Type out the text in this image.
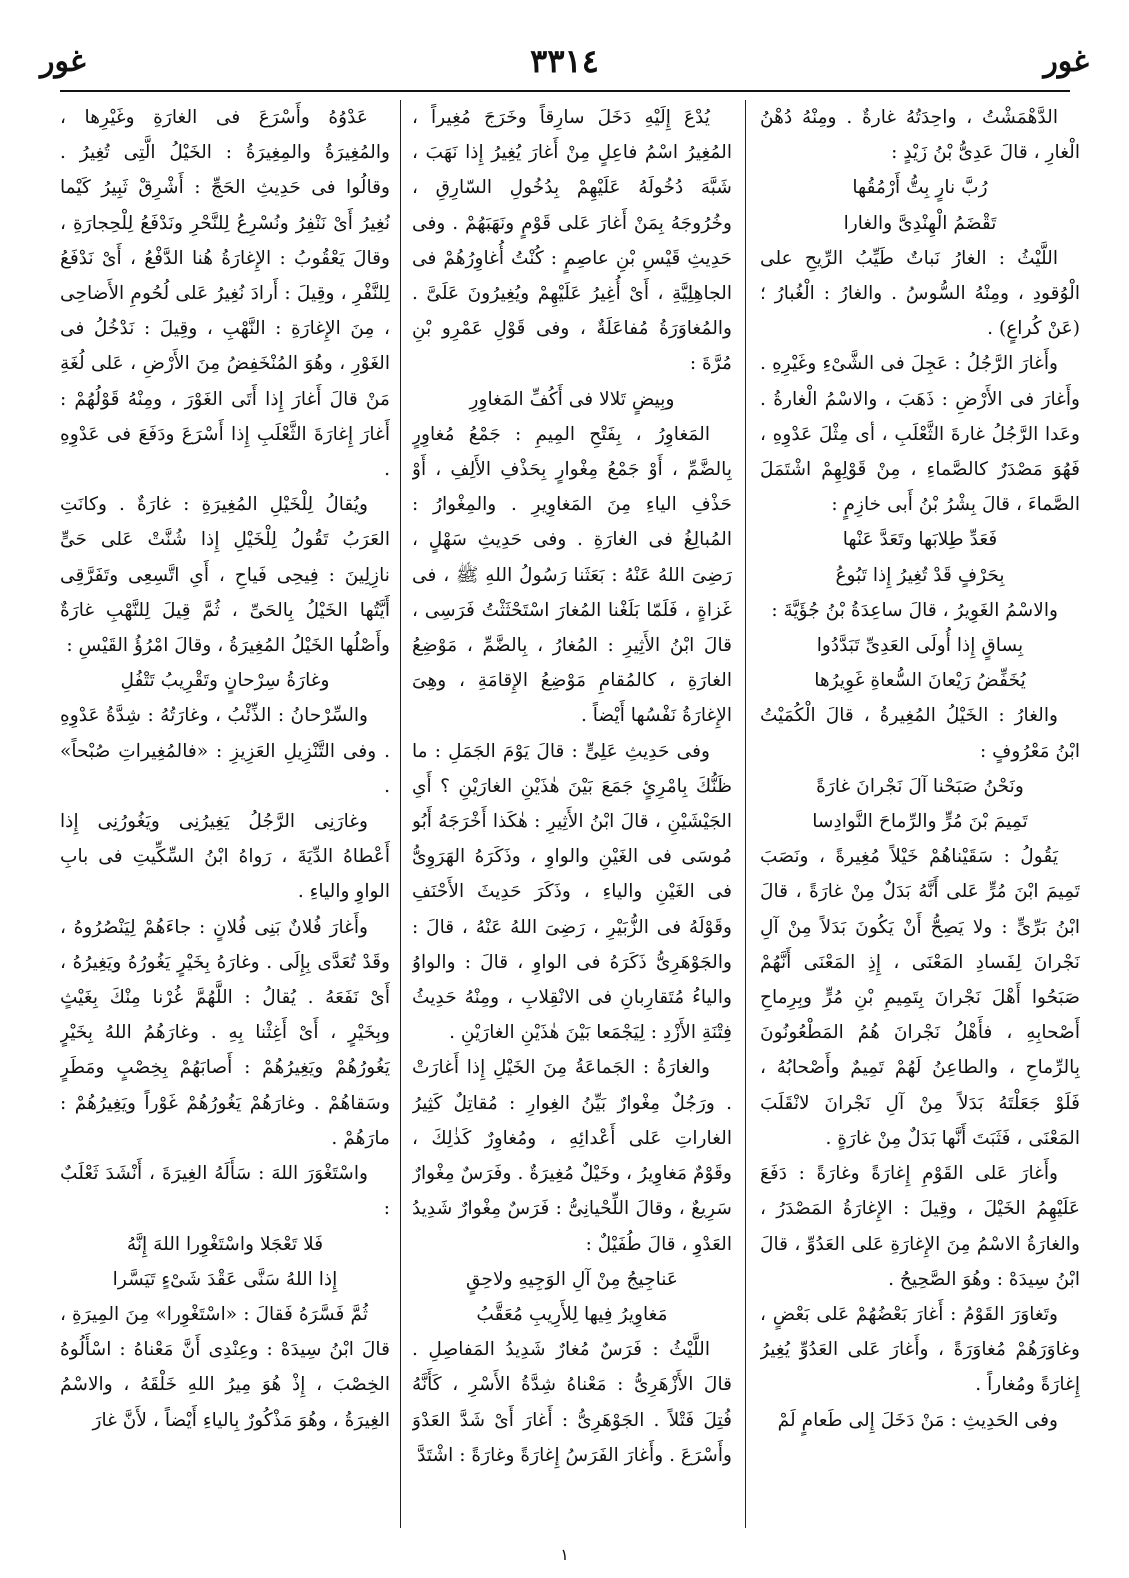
غور
٣٣١٤
غور

الدَّهْمَشْتُ ، واحِدَتُهُ غارةٌ . ومِنْهُ دُهْنُ الْغارِ ، قالَ عَدِىُّ بْنُ زَيْدٍ :

رُبَّ نارٍ بِتُّ أَرْمُقُها

تَقْضَمُ الْهِنْدِىَّ والغارا

اللَّيْثُ : الغارُ نَباتٌ طَيِّبُ الرِّيحِ على الْوُقودِ ، ومِنْهُ السُّوسُ . والغارُ : الْغُبارُ ؛ (عَنْ كُراعٍ) .

وأَغارَ الرَّجُلُ : عَجِلَ فى الشَّىْءِ وغَيْرِهِ . وأَغارَ فى الأَرْضِ : ذَهَبَ ، والاسْمُ الْغارةُ . وعَدا الرَّجُلُ غارةَ الثَّعْلَبِ ، أى مِثْلَ عَدْوِهِ ، فَهُوَ مَصْدَرٌ كالصَّماءِ ، مِنْ قَوْلِهِمْ اشْتَمَلَ الصَّماءَ ، قالَ بِشْرُ بْنُ أَبى خازِمٍ :

فَعَدِّ طِلابَها وتَعَدَّ عَنْها

بِحَرْفٍ قَدْ تُغِيرُ إِذا تَبُوعُ

والاسْمُ الغَوِيرُ ، قالَ ساعِدَةُ بْنُ جُؤَيَّةَ :

بِساقٍ إِذا أُولَى العَدِىِّ تَبَدَّدُوا

يُخَفِّضُ رَيْعانَ السُّعاةِ غَوِيرُها

والغارُ : الخَيْلُ المُغِيرةُ ، قالَ الْكُمَيْتُ ابْنُ مَعْرُوفٍ :

ونَحْنُ صَبَحْنا آلَ نَجْرانَ غارَةً

تَمِيمَ بْنَ مُرٍّ والرِّماحَ النَّوادِسا

يَقُولُ : سَقَيْناهُمْ خَيْلاً مُغِيرةً ، ونَصَبَ تَمِيمَ ابْنَ مُرٍّ عَلى أَنَّهُ بَدَلٌ مِنْ غارَةً ، قالَ ابْنُ بَرِّىٍّ : ولا يَصِحُّ أَنْ يَكُونَ بَدَلاً مِنْ آلِ نَجْرانَ لِفَسادِ المَعْنَى ، إِذِ المَعْنَى أَنَّهُمْ صَبَحُوا أَهْلَ نَجْرانَ بِتَمِيمِ بْنِ مُرٍّ وبِرِماحِ أَصْحابِهِ ، فأَهْلُ نَجْرانَ هُمُ المَطْعُونُونَ بِالرِّماحِ ، والطاعِنُ لَهُمْ تَمِيمٌ وأَصْحابُهُ ، فَلَوْ جَعَلْتَهُ بَدَلاً مِنْ آلِ نَجْرانَ لانْقَلَبَ المَعْنَى ، فَثَبَتَ أَنَّها بَدَلٌ مِنْ غارَةٍ .

وأَغارَ عَلى القَوْمِ إِغارَةً وغارَةً : دَفَعَ عَلَيْهِمُ الخَيْلَ ، وقِيلَ : الإِغارَةُ المَصْدَرُ ، والغارَةُ الاسْمُ مِنَ الإِغارَةِ عَلى العَدُوِّ ، قالَ ابْنُ سِيدَهْ : وهُوَ الصَّحِيحُ .

وتَغاوَرَ القَوْمُ : أَغارَ بَعْضُهُمْ عَلى بَعْضٍ ، وغاوَرَهُمْ مُغاوَرَةً ، وأَغارَ عَلى العَدُوِّ يُغِيرُ إِغارَةً ومُغاراً .

وفى الحَدِيثِ : مَنْ دَخَلَ إِلى طَعامٍ لَمْ

يُدْعَ إِلَيْهِ دَخَلَ سارِقاً وخَرَجَ مُغِيراً ، المُغِيرُ اسْمُ فاعِلٍ مِنْ أَغارَ يُغِيرُ إِذا نَهَبَ ، شَبَّهَ دُخُولَهُ عَلَيْهِمْ بِدُخُولِ السّارِقِ ، وخُرُوجَهُ بِمَنْ أَغارَ عَلى قَوْمٍ ونَهَبَهُمْ . وفى حَدِيثِ قَيْسِ بْنِ عاصِمٍ : كُنْتُ أُغاوِرُهُمْ فى الجاهِلِيَّةِ ، أَىْ أُغِيرُ عَلَيْهِمْ ويُغِيرُونَ عَلَىَّ . والمُغاوَرَةُ مُفاعَلَةٌ ، وفى قَوْلِ عَمْرِو بْنِ مُرَّةَ :

وبِيضٍ تَلالا فى أَكُفِّ المَغاوِرِ

المَغاوِرُ ، بِفَتْحِ المِيمِ : جَمْعُ مُغاوِرٍ بِالضَّمِّ ، أَوْ جَمْعُ مِغْوارٍ بِحَذْفِ الأَلِفِ ، أَوْ حَذْفِ الياءِ مِنَ المَغاوِيرِ . والمِغْوارُ : المُبالِغُ فى الغارَةِ . وفى حَدِيثِ سَهْلٍ ، رَضِىَ اللهُ عَنْهُ : بَعَثَنا رَسُولُ اللهِ ﷺ ، فى غَزاةٍ ، فَلَمّا بَلَغْنا المُغارَ اسْتَحْثَثْتُ فَرَسِى ، قالَ ابْنُ الأَثِيرِ : المُغارُ ، بِالضَّمِّ ، مَوْضِعُ الغارَةِ ، كالمُقامِ مَوْضِعُ الإِقامَةِ ، وهِىَ الإِغارَةُ نَفْسُها أَيْضاً .

وفى حَدِيثِ عَلِىٍّ : قالَ يَوْمَ الجَمَلِ : ما ظَنُّكَ بِامْرِئٍ جَمَعَ بَيْنَ هٰذَيْنِ الغارَيْنِ ؟ أَىِ الجَيْشَيْنِ ، قالَ ابْنُ الأَثِيرِ : هٰكَذا أَخْرَجَهُ أَبُو مُوسَى فى الغَيْنِ والواوِ ، وذَكَرَهُ الهَرَوِىُّ فى الغَيْنِ والياءِ ، وذَكَرَ حَدِيثَ الأَحْنَفِ وقَوْلَهُ فى الزُّبَيْرِ ، رَضِىَ اللهُ عَنْهُ ، قالَ : والجَوْهَرِىُّ ذَكَرَهُ فى الواوِ ، قالَ : والواوُ والياءُ مُتَقارِبانِ فى الانْقِلابِ ، ومِنْهُ حَدِيثُ فِتْنَةِ الأَزْدِ : لِيَجْمَعا بَيْنَ هٰذَيْنِ الغارَيْنِ .

والغارَةُ : الجَماعَةُ مِنَ الخَيْلِ إِذا أَغارَتْ . ورَجُلٌ مِغْوارٌ بَيِّنُ الغِوارِ : مُقاتِلٌ كَثِيرُ الغاراتِ عَلى أَعْدائِهِ ، ومُغاوِرٌ كَذٰلِكَ ، وقَوْمٌ مَغاوِيرُ ، وخَيْلٌ مُغِيرَةٌ . وفَرَسٌ مِغْوارٌ سَرِيعٌ ، وقالَ اللِّحْيانِىُّ : فَرَسٌ مِغْوارٌ شَدِيدُ العَدْوِ ، قالَ طُفَيْلٌ :

عَناجِيجُ مِنْ آلِ الوَجِيهِ ولاحِقٍ

مَغاوِيرُ فِيها لِلأَرِيبِ مُعَقَّبُ

اللَّيْثُ : فَرَسٌ مُغارٌ شَدِيدُ المَفاصِلِ . قالَ الأَزْهَرِىُّ : مَعْناهُ شِدَّةُ الأَسْرِ ، كَأَنَّهُ فُتِلَ فَتْلاً . الجَوْهَرِىُّ : أَغارَ أَىْ شَدَّ العَدْوَ وأَسْرَعَ . وأَغارَ الفَرَسُ إِغارَةً وغارَةً : اشْتَدَّ

عَدْوُهُ وأَسْرَعَ فى الغارَةِ وغَيْرِها ، والمُغِيرَةُ والمِغِيرَةُ : الخَيْلُ الَّتِى تُغِيرُ . وقالُوا فى حَدِيثِ الحَجِّ : أَشْرِقْ ثَبِيرُ كَيْما نُغِيرُ أَىْ نَنْفِرُ ونُسْرِعُ لِلنَّحْرِ ونَدْفَعُ لِلْحِجارَةِ ، وقالَ يَعْقُوبُ : الإِغارَةُ هُنا الدَّفْعُ ، أَىْ نَدْفَعُ لِلنَّفْرِ ، وقِيلَ : أَرادَ نُغِيرُ عَلى لُحُومِ الأَضاحِى ، مِنَ الإِغارَةِ : النَّهْبِ ، وقِيلَ : نَدْخُلُ فى الغَوْرِ ، وهُوَ المُنْخَفِضُ مِنَ الأَرْضِ ، عَلى لُغَةِ مَنْ قالَ أَغارَ إِذا أَتَى الغَوْرَ ، ومِنْهُ قَوْلُهُمْ : أَغارَ إِغارَةَ الثَّعْلَبِ إِذا أَسْرَعَ ودَفَعَ فى عَدْوِهِ .

ويُقالُ لِلْخَيْلِ المُغِيرَةِ : غارَةٌ . وكانَتِ العَرَبُ تَقُولُ لِلْخَيْلِ إِذا شُنَّتْ عَلى حَىٍّ نازِلِينَ : فِيحِى فَياحِ ، أَىِ اتَّسِعِى وتَفَرَّقِى أَيَّتُها الخَيْلُ بِالحَىِّ ، ثُمَّ قِيلَ لِلنَّهْبِ غارَةٌ وأَصْلُها الخَيْلُ المُغِيرَةُ ، وقالَ امْرُؤُ القَيْسِ :

وغارَةُ سِرْحانٍ وتَقْرِيبُ تَتْفُلِ

والسِّرْحانُ : الذِّئْبُ ، وغارَتُهُ : شِدَّةُ عَدْوِهِ . وفى التَّنْزِيلِ العَزِيزِ : «فالمُغِيراتِ صُبْحاً» .

وغارَنِى الرَّجُلُ يَغِيرُنِى ويَغُورُنِى إِذا أَعْطاهُ الدِّيَةَ ، رَواهُ ابْنُ السِّكِّيتِ فى بابِ الواوِ والياءِ .

وأَغارَ فُلانٌ بَنِى فُلانٍ : جاءَهُمْ لِيَنْصُرُوهُ ، وقَدْ تُعَدَّى بِإِلَى . وغارَهُ بِخَيْرٍ يَغُورُهُ ويَغِيرُهُ ، أَىْ نَفَعَهُ . يُقالُ : اللَّهُمَّ غُرْنا مِنْكَ بِغَيْثٍ وبِخَيْرٍ ، أَىْ أَغِثْنا بِهِ . وغارَهُمُ اللهُ بِخَيْرٍ يَغُورُهُمْ ويَغِيرُهُمْ : أَصابَهُمْ بِخِصْبٍ ومَطَرٍ وسَقاهُمْ . وغارَهُمْ يَغُورُهُمْ غَوْراً ويَغِيرُهُمْ : مارَهُمْ .

واسْتَغْوَرَ اللهَ : سَأَلَهُ الغِيرَةَ ، أَنْشَدَ ثَعْلَبٌ :

فَلا تَعْجَلا واسْتَغْوِرا اللهَ إِنَّهُ

إِذا اللهُ سَنَّى عَقْدَ شَىْءٍ تَيَسَّرا

ثُمَّ فَسَّرَهُ فَقالَ : «اسْتَغْوِرا» مِنَ المِيرَةِ ، قالَ ابْنُ سِيدَهْ : وعِنْدِى أَنَّ مَعْناهُ : اسْأَلُوهُ الخِصْبَ ، إِذْ هُوَ مِيرُ اللهِ خَلْقَهُ ، والاسْمُ الغِيرَةُ ، وهُوَ مَذْكُورٌ بِالياءِ أَيْضاً ، لأَنَّ غارَ

١
